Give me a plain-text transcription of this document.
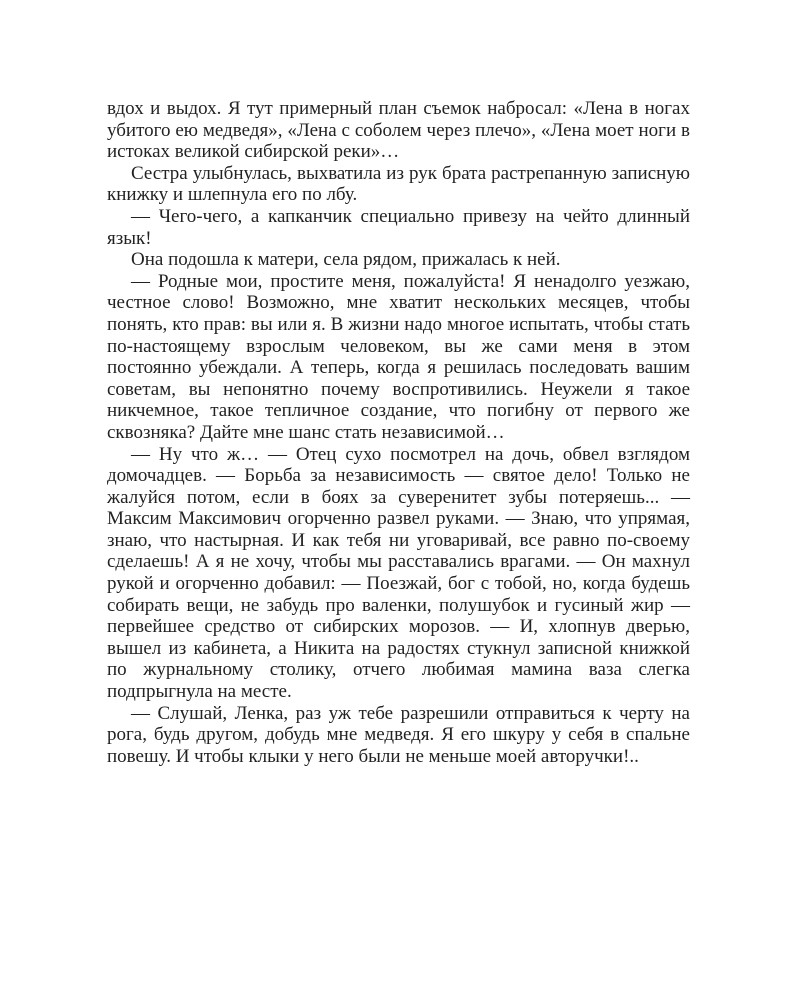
вдох и выдох. Я тут примерный план съемок набросал: «Лена в ногах убитого ею медведя», «Лена с соболем через плечо», «Лена моет ноги в истоках великой сибирской реки»…

Сестра улыбнулась, выхватила из рук брата растрепанную записную книжку и шлепнула его по лбу.

— Чего-чего, а капканчик специально привезу на чейто длинный язык!

Она подошла к матери, села рядом, прижалась к ней.

— Родные мои, простите меня, пожалуйста! Я ненадолго уезжаю, честное слово! Возможно, мне хватит нескольких месяцев, чтобы понять, кто прав: вы или я. В жизни надо многое испытать, чтобы стать по-настоящему взрослым человеком, вы же сами меня в этом постоянно убеждали. А теперь, когда я решилась последовать вашим советам, вы непонятно почему воспротивились. Неужели я такое никчемное, такое тепличное создание, что погибну от первого же сквозняка? Дайте мне шанс стать независимой…

— Ну что ж… — Отец сухо посмотрел на дочь, обвел взглядом домочадцев. — Борьба за независимость — святое дело! Только не жалуйся потом, если в боях за суверенитет зубы потеряешь... — Максим Максимович огорченно развел руками. — Знаю, что упрямая, знаю, что настырная. И как тебя ни уговаривай, все равно по-своему сделаешь! А я не хочу, чтобы мы расставались врагами. — Он махнул рукой и огорченно добавил: — Поезжай, бог с тобой, но, когда будешь собирать вещи, не забудь про валенки, полушубок и гусиный жир — первейшее средство от сибирских морозов. — И, хлопнув дверью, вышел из кабинета, а Никита на радостях стукнул записной книжкой по журнальному столику, отчего любимая мамина ваза слегка подпрыгнула на месте.

— Слушай, Ленка, раз уж тебе разрешили отправиться к черту на рога, будь другом, добудь мне медведя. Я его шкуру у себя в спальне повешу. И чтобы клыки у него были не меньше моей авторучки!..
